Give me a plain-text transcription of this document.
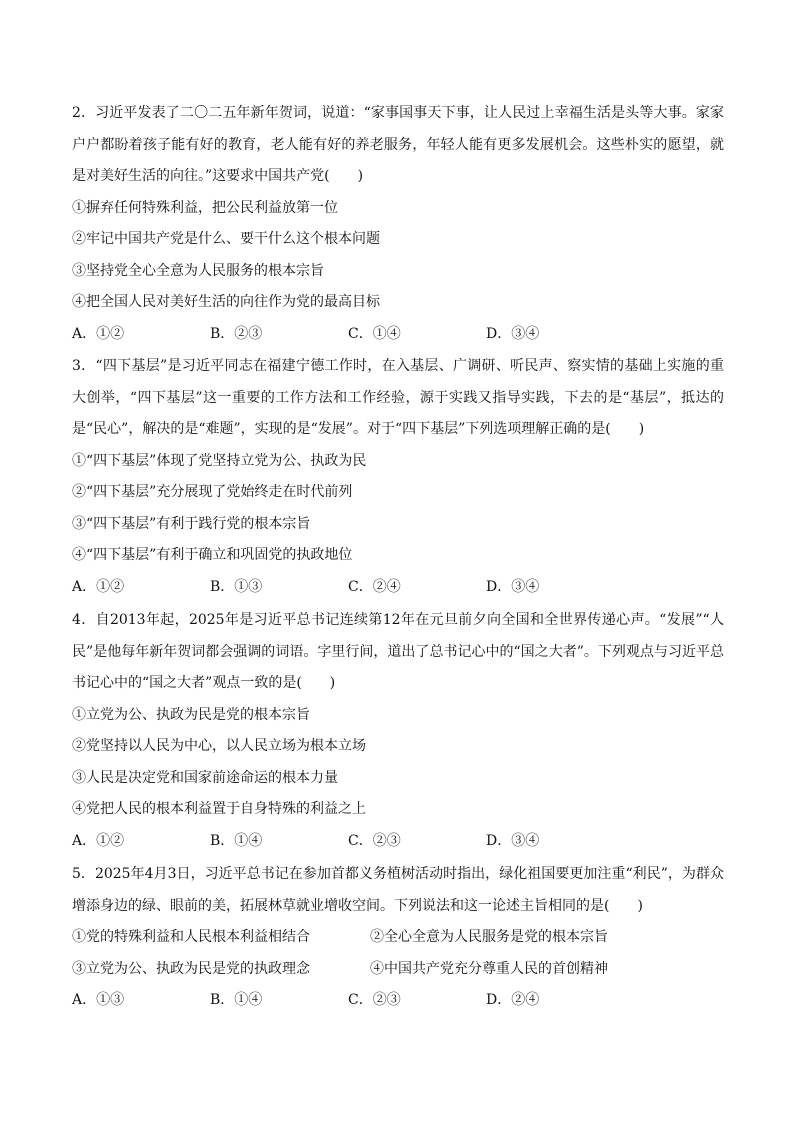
2．习近平发表了二〇二五年新年贺词，说道：“家事国事天下事，让人民过上幸福生活是头等大事。家家户户都盼着孩子能有好的教育，老人能有好的养老服务，年轻人能有更多发展机会。这些朴实的愿望，就是对美好生活的向往。”这要求中国共产党(　　)

①摒弃任何特殊利益，把公民利益放第一位
②牢记中国共产党是什么、要干什么这个根本问题
③坚持党全心全意为人民服务的根本宗旨
④把全国人民对美好生活的向往作为党的最高目标
A．①②	B．②③	C．①④	D．③④

3．“四下基层”是习近平同志在福建宁德工作时，在入基层、广调研、听民声、察实情的基础上实施的重大创举，“四下基层”这一重要的工作方法和工作经验，源于实践又指导实践，下去的是“基层”，抵达的是“民心”，解决的是“难题”，实现的是“发展”。对于“四下基层”下列选项理解正确的是(　　)

①“四下基层”体现了党坚持立党为公、执政为民
②“四下基层”充分展现了党始终走在时代前列
③“四下基层”有利于践行党的根本宗旨
④“四下基层”有利于确立和巩固党的执政地位
A．①②	B．①③	C．②④	D．③④

4．自2013年起，2025年是习近平总书记连续第12年在元旦前夕向全国和全世界传递心声。“发展”“人民”是他每年新年贺词都会强调的词语。字里行间，道出了总书记心中的“国之大者”。下列观点与习近平总书记心中的“国之大者”观点一致的是(　　)

①立党为公、执政为民是党的根本宗旨
②党坚持以人民为中心，以人民立场为根本立场
③人民是决定党和国家前途命运的根本力量
④党把人民的根本利益置于自身特殊的利益之上
A．①②	B．①④	C．②③	D．③④

5．2025年4月3日，习近平总书记在参加首都义务植树活动时指出，绿化祖国要更加注重“利民”，为群众增添身边的绿、眼前的美，拓展林草就业增收空间。下列说法和这一论述主旨相同的是(　　)

①党的特殊利益和人民根本利益相结合	②全心全意为人民服务是党的根本宗旨
③立党为公、执政为民是党的执政理念	④中国共产党充分尊重人民的首创精神
A．①③	B．①④	C．②③	D．②④
